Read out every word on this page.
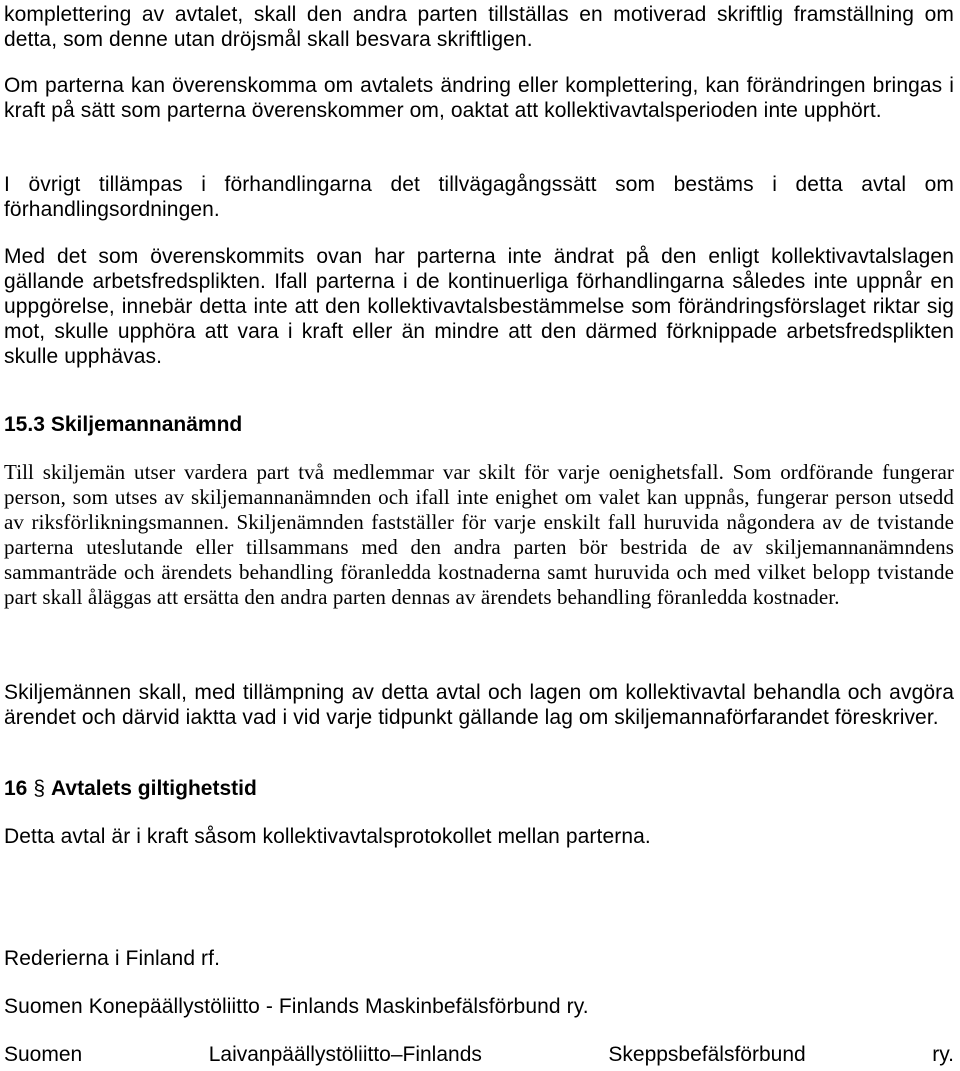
komplettering av avtalet, skall den andra parten tillställas en motiverad skriftlig framställning om detta, som denne utan dröjsmål skall besvara skriftligen.

Om parterna kan överenskomma om avtalets ändring eller komplettering, kan förändringen bringas i kraft på sätt som parterna överenskommer om, oaktat att kollektivavtalsperioden inte upphört.

I övrigt tillämpas i förhandlingarna det tillvägagångssätt som bestäms i detta avtal om förhandlingsordningen.

Med det som överenskommits ovan har parterna inte ändrat på den enligt kollektivavtalslagen gällande arbetsfredsplikten. Ifall parterna i de kontinuerliga förhandlingarna således inte uppnår en uppgörelse, innebär detta inte att den kollektivavtalsbestämmelse som förändringsförslaget riktar sig mot, skulle upphöra att vara i kraft eller än mindre att den därmed förknippade arbetsfredsplikten skulle upphävas.

15.3 Skiljemannanämnd

Till skiljemän utser vardera part två medlemmar var skilt för varje oenighetsfall. Som ordförande fungerar person, som utses av skiljemannanämnden och ifall inte enighet om valet kan uppnås, fungerar person utsedd av riksförlikningsmannen. Skiljenämnden fastställer för varje enskilt fall huruvida någondera av de tvistande parterna uteslutande eller tillsammans med den andra parten bör bestrida de av skiljemannanämndens sammanträde och ärendets behandling föranledda kostnaderna samt huruvida och med vilket belopp tvistande part skall åläggas att ersätta den andra parten dennas av ärendets behandling föranledda kostnader.

Skiljemännen skall, med tillämpning av detta avtal och lagen om kollektivavtal behandla och avgöra ärendet och därvid iaktta vad i vid varje tidpunkt gällande lag om skiljemannaförfarandet föreskriver.

16 § Avtalets giltighetstid

Detta avtal är i kraft såsom kollektivavtalsprotokollet mellan parterna.

Rederierna i Finland rf.

Suomen Konepäällystöliitto - Finlands Maskinbefälsförbund ry.

Suomen	Laivanpäällystöliitto–Finlands	Skeppsbefälsförbund	ry.
